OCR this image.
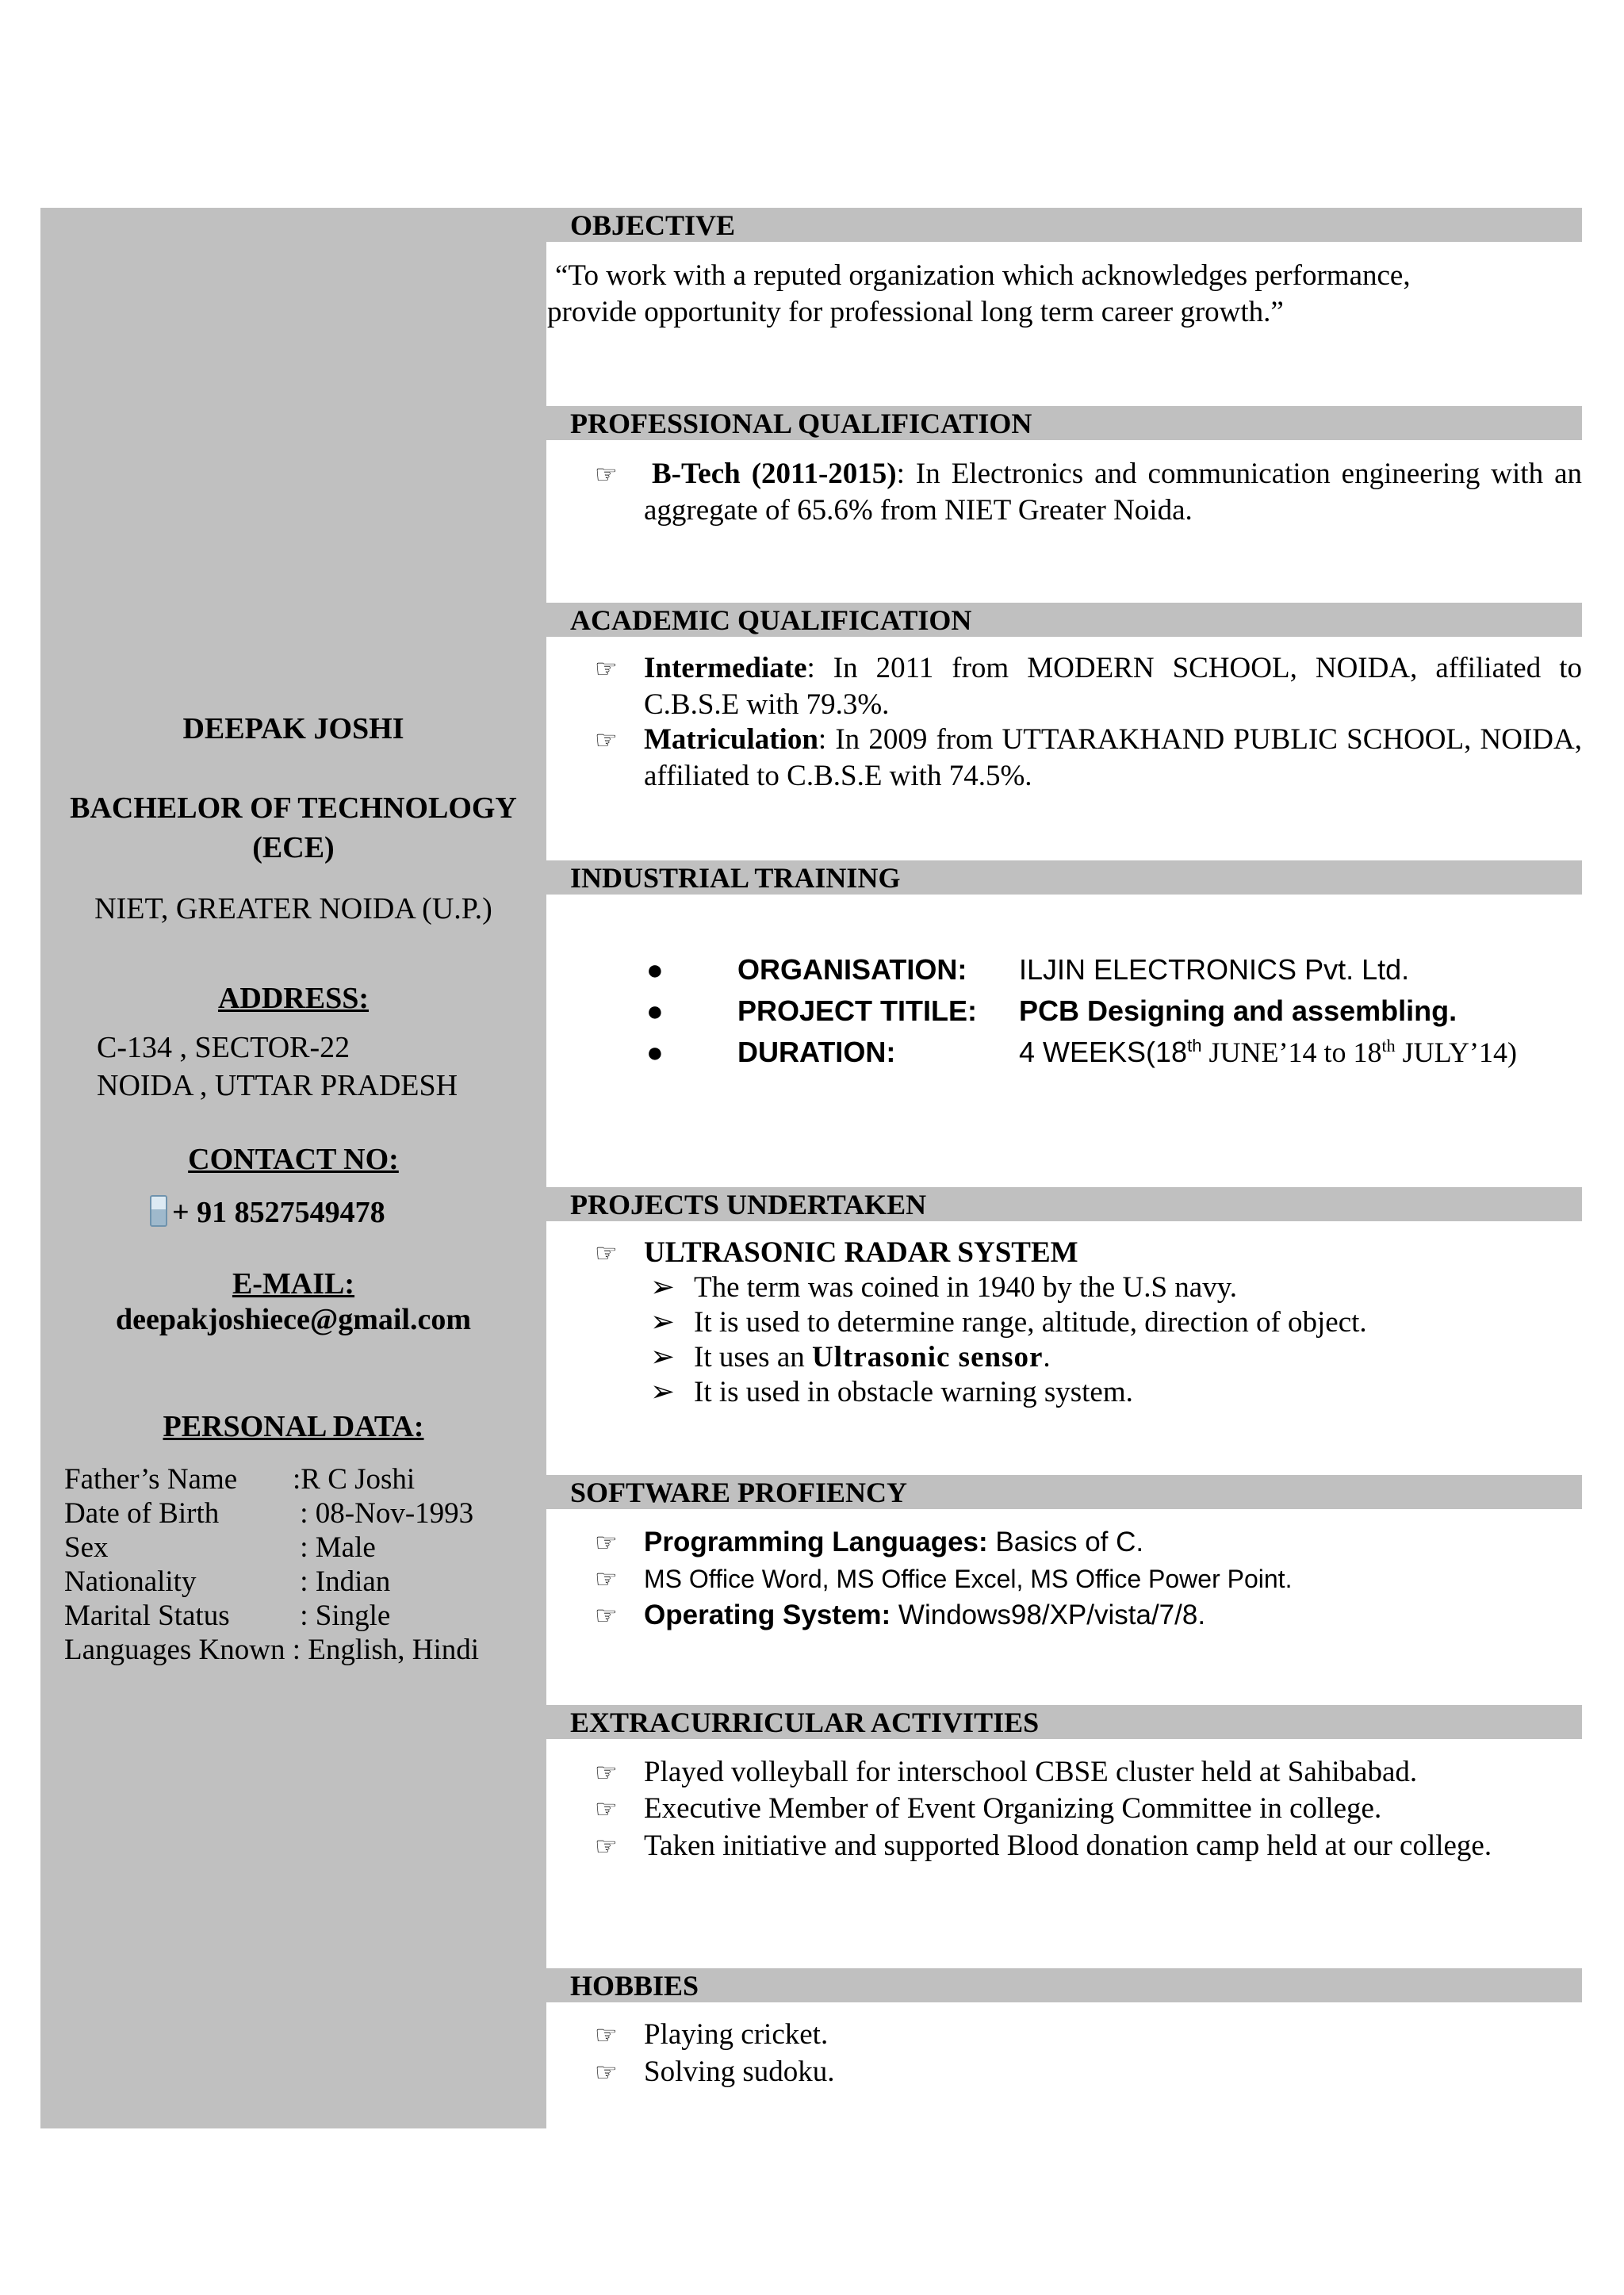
DEEPAK JOSHI
BACHELOR OF TECHNOLOGY
(ECE)
NIET, GREATER NOIDA (U.P.)
ADDRESS:
C-134 , SECTOR-22
NOIDA , UTTAR PRADESH
CONTACT NO:
+ 91 8527549478
E-MAIL:
deepakjoshiece@gmail.com
PERSONAL DATA:
Father’s Name :R C Joshi
Date of Birth	: 08-Nov-1993
Sex	: Male
Nationality	: Indian
Marital Status : Single
Languages Known : English, Hindi
OBJECTIVE
“To work with a reputed organization which acknowledges performance,
provide opportunity for professional long term career growth.”
PROFESSIONAL QUALIFICATION
☞ B-Tech (2011-2015): In Electronics and communication engineering with an aggregate of 65.6% from NIET Greater Noida.
ACADEMIC QUALIFICATION
☞ Intermediate: In 2011 from MODERN SCHOOL, NOIDA, affiliated to C.B.S.E with 79.3%.
☞ Matriculation: In 2009 from UTTARAKHAND PUBLIC SCHOOL, NOIDA, affiliated to C.B.S.E with 74.5%.
INDUSTRIAL TRAINING
●	ORGANISATION: ILJIN ELECTRONICS Pvt. Ltd.
●	PROJECT TITILE: PCB Designing and assembling.
●	DURATION:	4 WEEKS(18th JUNE’14 to 18th JULY’14)
PROJECTS UNDERTAKEN
☞ ULTRASONIC RADAR SYSTEM
➢ The term was coined in 1940 by the U.S navy.
➢ It is used to determine range, altitude, direction of object.
➢ It uses an Ultrasonic sensor.
➢ It is used in obstacle warning system.
SOFTWARE PROFIENCY
☞ Programming Languages: Basics of C.
☞ MS Office Word, MS Office Excel, MS Office Power Point.
☞ Operating System: Windows98/XP/vista/7/8.
EXTRACURRICULAR ACTIVITIES
☞ Played volleyball for interschool CBSE cluster held at Sahibabad.
☞ Executive Member of Event Organizing Committee in college.
☞ Taken initiative and supported Blood donation camp held at our college.
HOBBIES
☞ Playing cricket.
☞ Solving sudoku.
